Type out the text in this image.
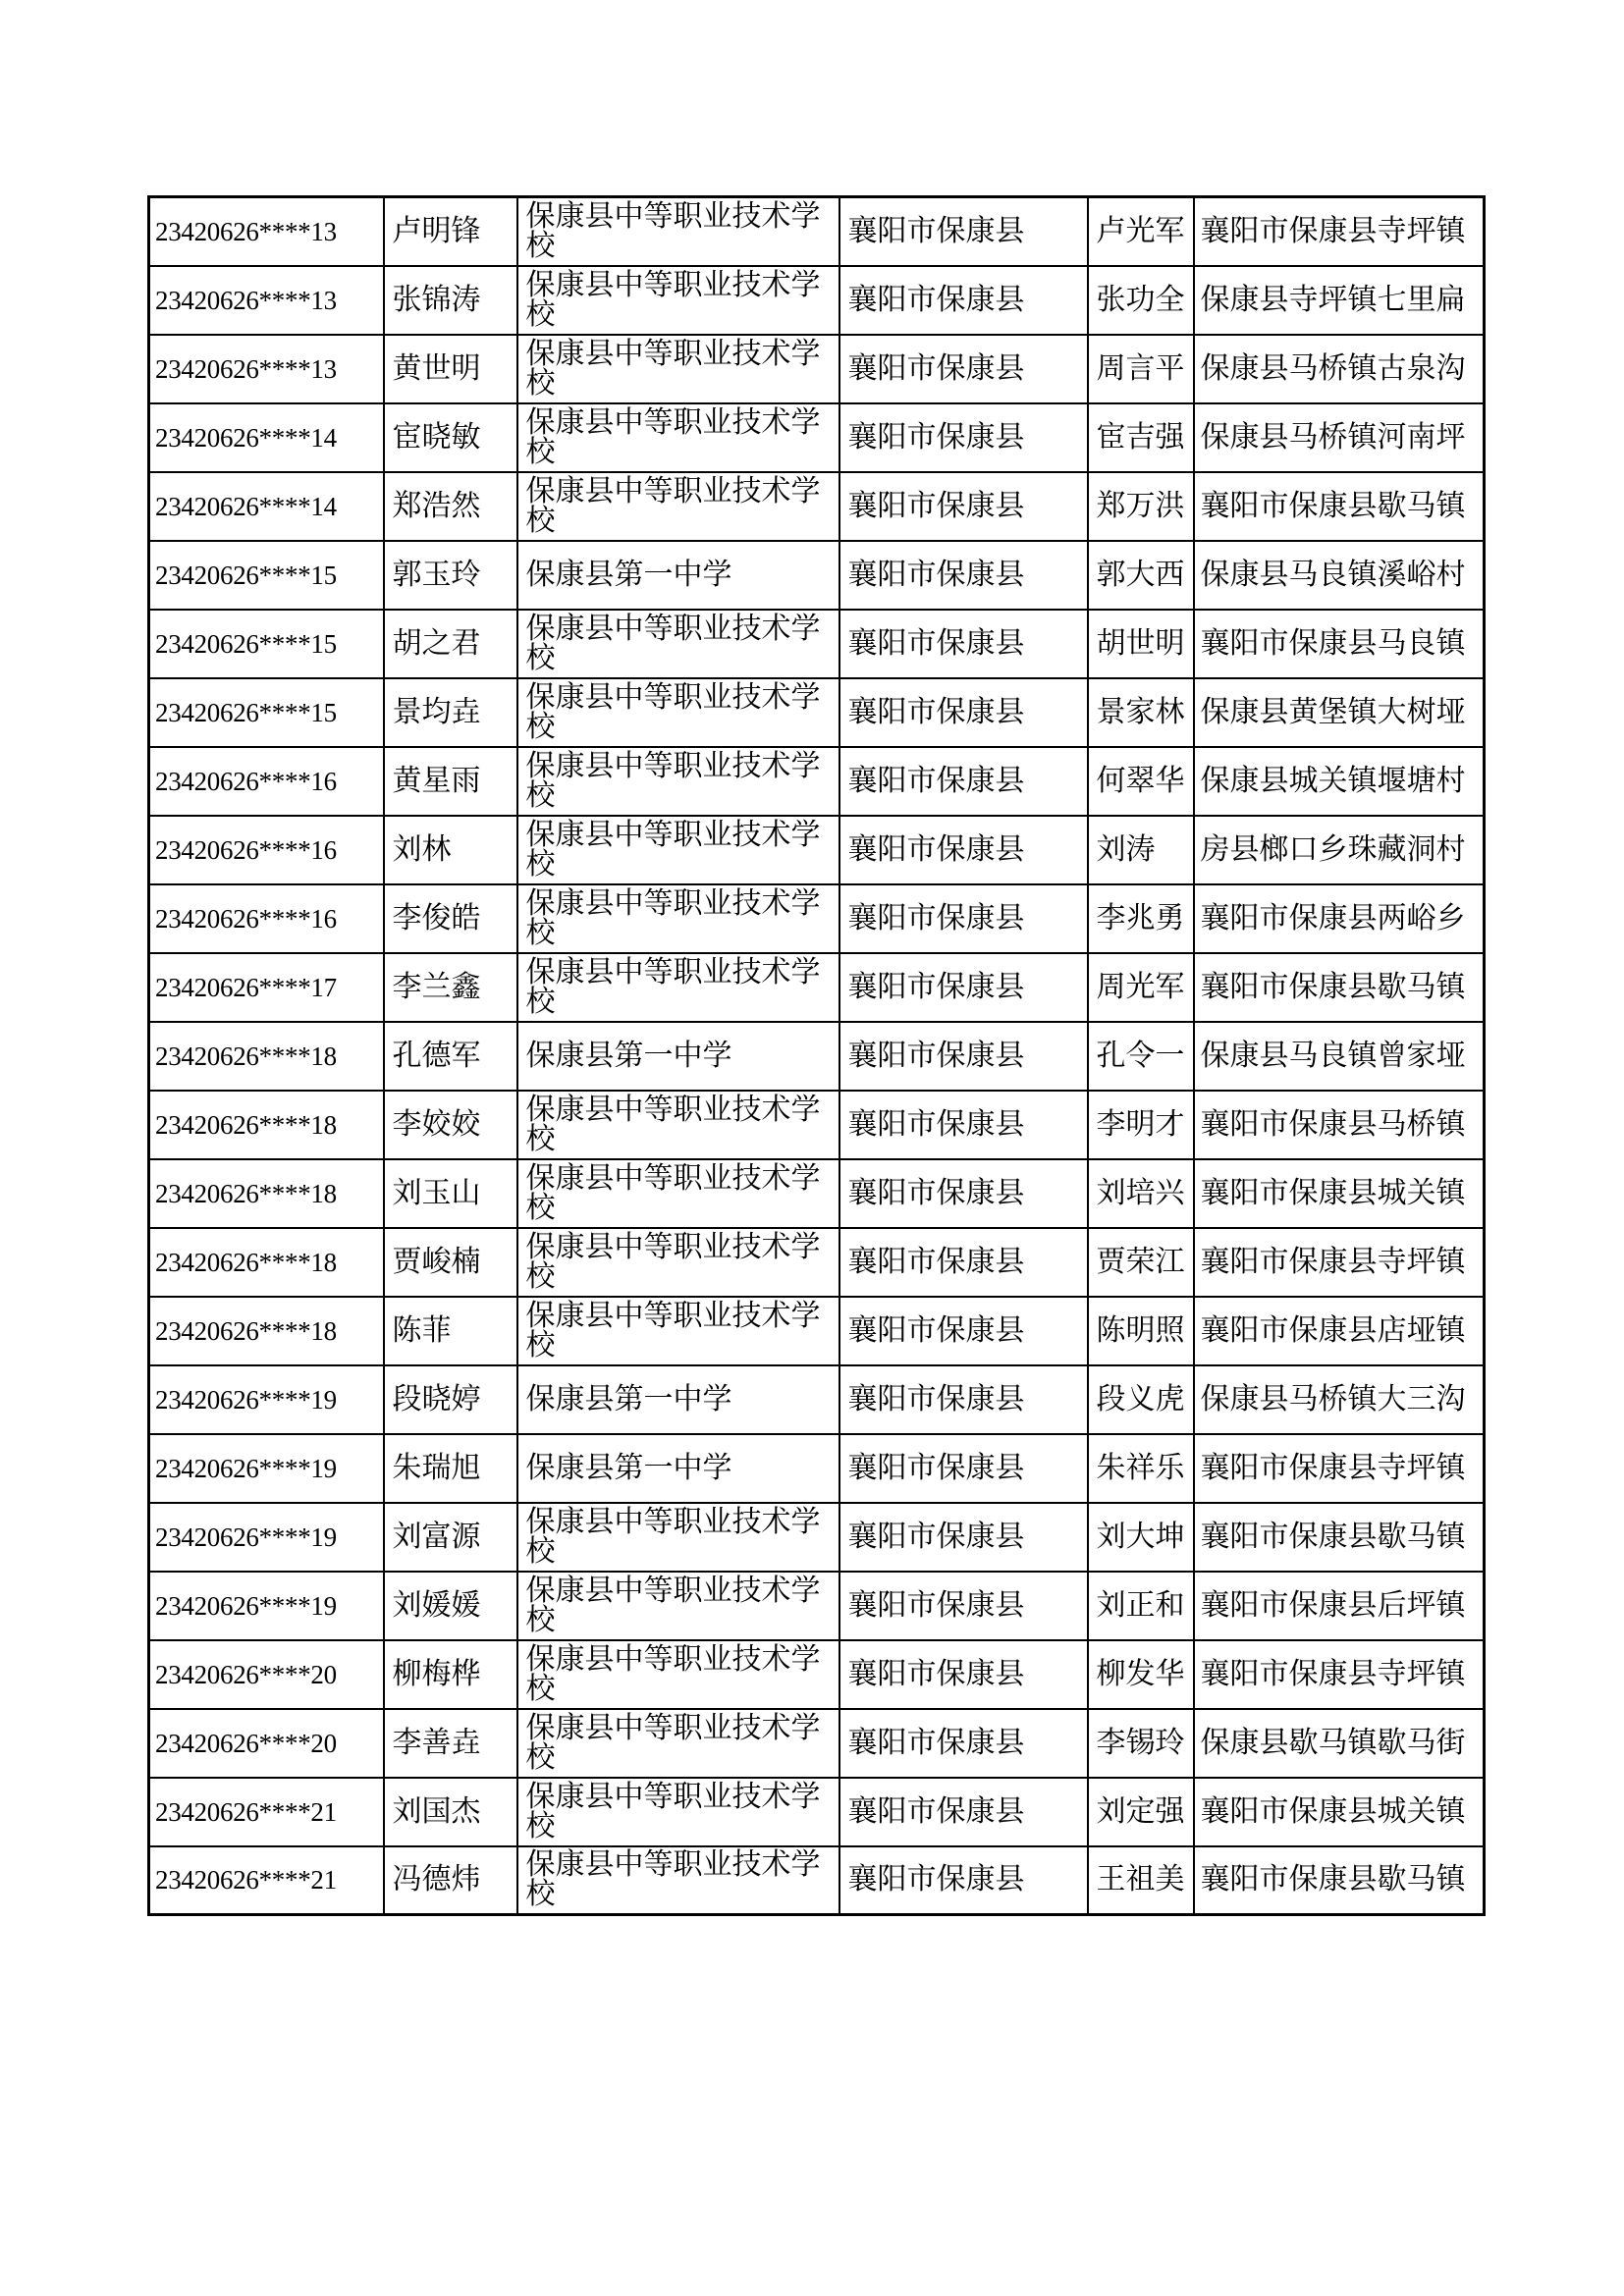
23420626****13	卢明锋	保康县中等职业技术学校	襄阳市保康县	卢光军	襄阳市保康县寺坪镇
23420626****13	张锦涛	保康县中等职业技术学校	襄阳市保康县	张功全	保康县寺坪镇七里扁
23420626****13	黄世明	保康县中等职业技术学校	襄阳市保康县	周言平	保康县马桥镇古泉沟
23420626****14	宦晓敏	保康县中等职业技术学校	襄阳市保康县	宦吉强	保康县马桥镇河南坪
23420626****14	郑浩然	保康县中等职业技术学校	襄阳市保康县	郑万洪	襄阳市保康县歇马镇
23420626****15	郭玉玲	保康县第一中学	襄阳市保康县	郭大西	保康县马良镇溪峪村
23420626****15	胡之君	保康县中等职业技术学校	襄阳市保康县	胡世明	襄阳市保康县马良镇
23420626****15	景均垚	保康县中等职业技术学校	襄阳市保康县	景家林	保康县黄堡镇大树垭
23420626****16	黄星雨	保康县中等职业技术学校	襄阳市保康县	何翠华	保康县城关镇堰塘村
23420626****16	刘林	保康县中等职业技术学校	襄阳市保康县	刘涛	房县榔口乡珠藏洞村
23420626****16	李俊皓	保康县中等职业技术学校	襄阳市保康县	李兆勇	襄阳市保康县两峪乡
23420626****17	李兰鑫	保康县中等职业技术学校	襄阳市保康县	周光军	襄阳市保康县歇马镇
23420626****18	孔德军	保康县第一中学	襄阳市保康县	孔令一	保康县马良镇曾家垭
23420626****18	李姣姣	保康县中等职业技术学校	襄阳市保康县	李明才	襄阳市保康县马桥镇
23420626****18	刘玉山	保康县中等职业技术学校	襄阳市保康县	刘培兴	襄阳市保康县城关镇
23420626****18	贾峻楠	保康县中等职业技术学校	襄阳市保康县	贾荣江	襄阳市保康县寺坪镇
23420626****18	陈菲	保康县中等职业技术学校	襄阳市保康县	陈明照	襄阳市保康县店垭镇
23420626****19	段晓婷	保康县第一中学	襄阳市保康县	段义虎	保康县马桥镇大三沟
23420626****19	朱瑞旭	保康县第一中学	襄阳市保康县	朱祥乐	襄阳市保康县寺坪镇
23420626****19	刘富源	保康县中等职业技术学校	襄阳市保康县	刘大坤	襄阳市保康县歇马镇
23420626****19	刘媛媛	保康县中等职业技术学校	襄阳市保康县	刘正和	襄阳市保康县后坪镇
23420626****20	柳梅桦	保康县中等职业技术学校	襄阳市保康县	柳发华	襄阳市保康县寺坪镇
23420626****20	李善垚	保康县中等职业技术学校	襄阳市保康县	李锡玲	保康县歇马镇歇马街
23420626****21	刘国杰	保康县中等职业技术学校	襄阳市保康县	刘定强	襄阳市保康县城关镇
23420626****21	冯德炜	保康县中等职业技术学校	襄阳市保康县	王祖美	襄阳市保康县歇马镇
